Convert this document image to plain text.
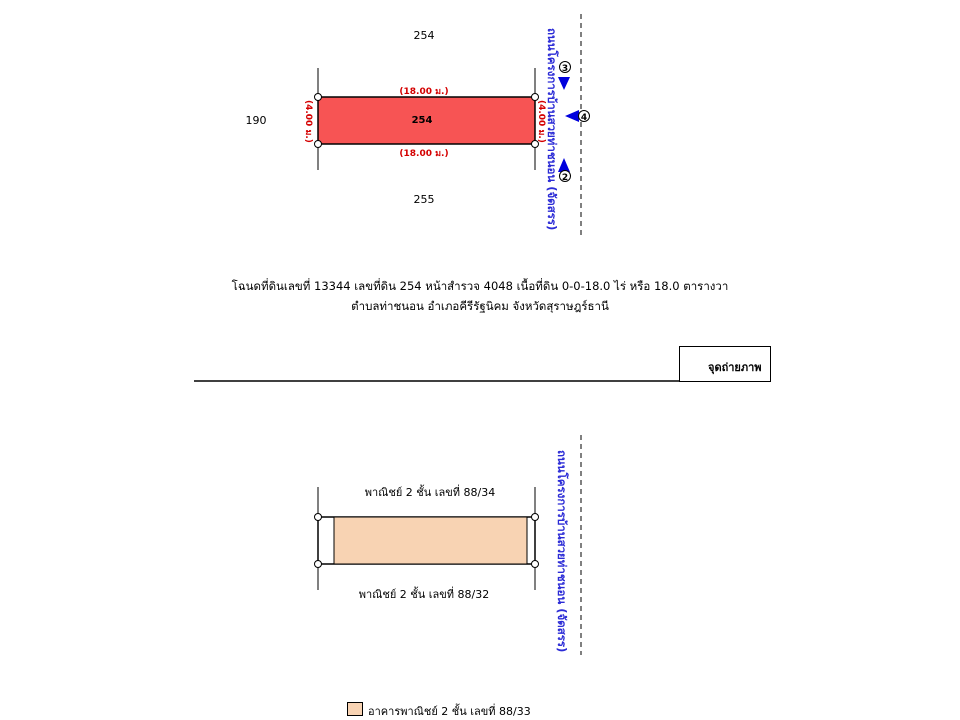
3
4
2
254
255
190	254
(18.00 ม.)
(18.00 ม.)
(4.00 ม.)	(4.00 ม.) ถนนโครงการบ้านสวยท่าชนอน (จัดสรร)
โฉนดที่ดินเลขที่ 13344 เลขที่ดิน 254 หน้าสำรวจ 4048 เนื้อที่ดิน 0-0-18.0 ไร่ หรือ 18.0 ตารางวา
ตำบลท่าชนอน อำเภอคีรีรัฐนิคม จังหวัดสุราษฎร์ธานี
จุดถ่ายภาพ
พาณิชย์ 2 ชั้น เลขที่ 88/34
พาณิชย์ 2 ชั้น เลขที่ 88/32	ถนนโครงการบ้านสวยท่าชนอน (จัดสรร)
อาคารพาณิชย์ 2 ชั้น เลขที่ 88/33
